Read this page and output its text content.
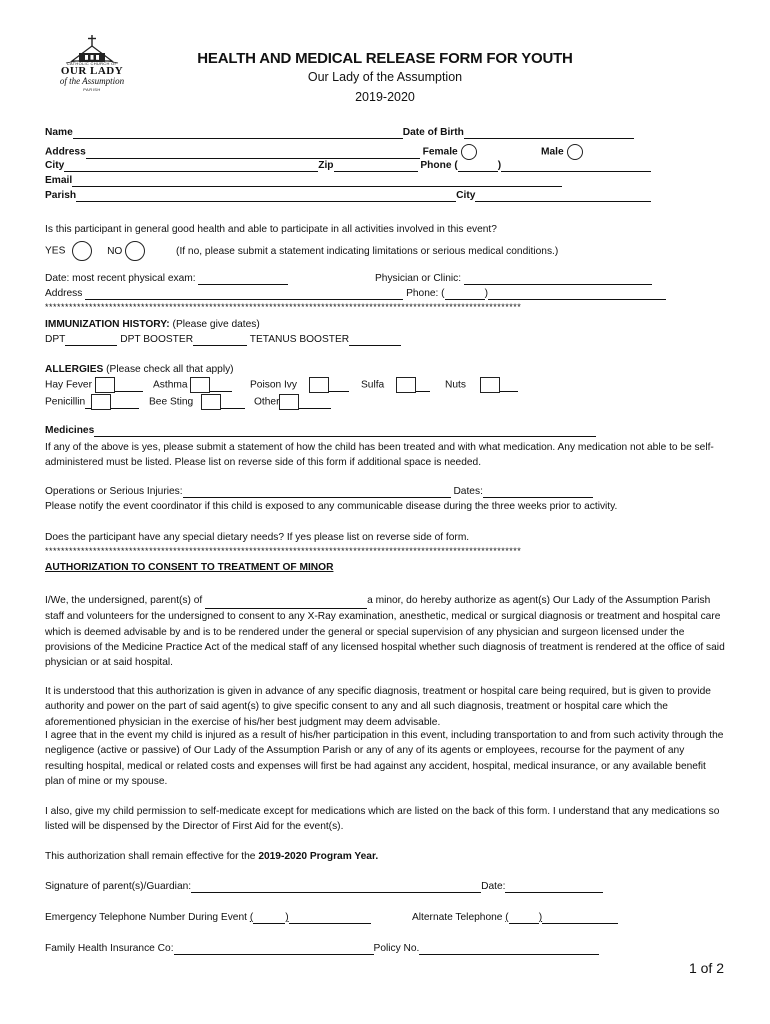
CATHOLIC CHURCH OF
OUR LADY
of the Assumption
PARISH
HEALTH AND MEDICAL RELEASE FORM FOR YOUTH
Our Lady of the Assumption
2019-2020
Name	Date of Birth
Address	Female	Male
City	Zip	Phone (	)
Email
Parish	City
Is this participant in general good health and able to participate in all activities involved in this event?
YES	NO	(If no, please submit a statement indicating limitations or serious medical conditions.)
Date: most recent physical exam:	Physician or Clinic:
Address	Phone: (	)
***********************************************************************************************************************
IMMUNIZATION HISTORY: (Please give dates)
DPT	DPT BOOSTER	TETANUS BOOSTER
ALLERGIES (Please check all that apply)
Hay Fever	Asthma	Poison Ivy	Sulfa	Nuts
Penicillin	Bee Sting	Other
Medicines
If any of the above is yes, please submit a statement of how the child has been treated and with what medication. Any medication not able to be self-administered must be listed. Please list on reverse side of this form if additional space is needed.
Operations or Serious Injuries:	Dates:
Please notify the event coordinator if this child is exposed to any communicable disease during the three weeks prior to activity.
Does the participant have any special dietary needs? If yes please list on reverse side of form.
***********************************************************************************************************************
AUTHORIZATION TO CONSENT TO TREATMENT OF MINOR
I/We, the undersigned, parent(s) of	a minor, do hereby authorize as agent(s) Our Lady of the Assumption Parish staff and volunteers for the undersigned to consent to any X-Ray examination, anesthetic, medical or surgical diagnosis or treatment and hospital care which is deemed advisable by and is to be rendered under the general or special supervision of any physician and surgeon licensed under the provisions of the Medicine Practice Act of the medical staff of any licensed hospital whether such diagnosis of treatment is rendered at the office of said physician or at said hospital.
It is understood that this authorization is given in advance of any specific diagnosis, treatment or hospital care being required, but is given to provide authority and power on the part of said agent(s) to give specific consent to any and all such diagnosis, treatment or hospital care which the aforementioned physician in the exercise of his/her best judgment may deem advisable.
I agree that in the event my child is injured as a result of his/her participation in this event, including transportation to and from such activity through the negligence (active or passive) of Our Lady of the Assumption Parish or any of any of its agents or employees, recourse for the payment of any resulting hospital, medical or related costs and expenses will first be had against any accident, hospital, medical insurance, or any available benefit plan of mine or my spouse.
I also, give my child permission to self-medicate except for medications which are listed on the back of this form. I understand that any medications so listed will be dispensed by the Director of First Aid for the event(s).
This authorization shall remain effective for the 2019-2020 Program Year.
Signature of parent(s)/Guardian:	Date:
Emergency Telephone Number During Event (	)	Alternate Telephone (	)
Family Health Insurance Co:	Policy No.
1 of 2
